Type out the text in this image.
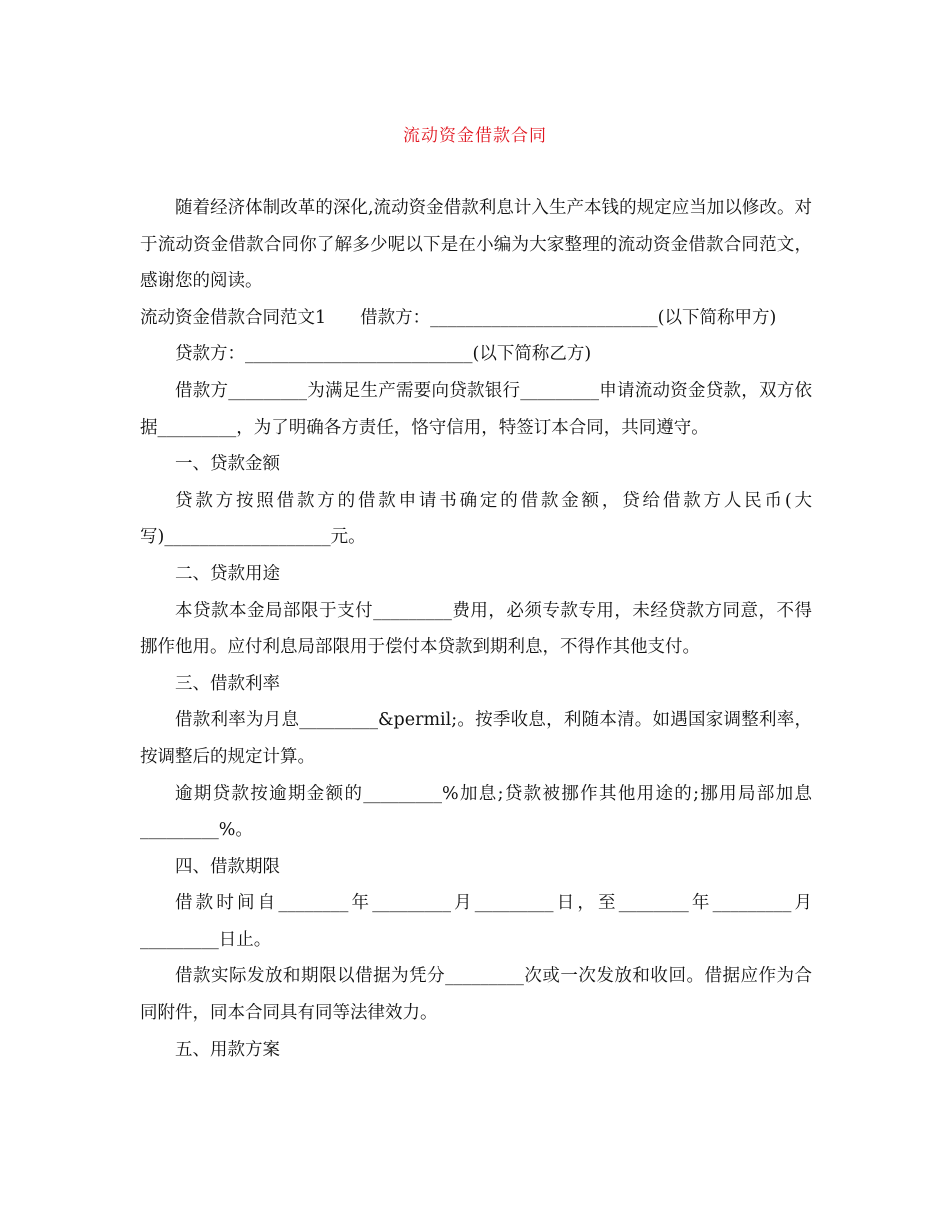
流动资金借款合同

随着经济体制改革的深化,流动资金借款利息计入生产本钱的规定应当加以修改。对于流动资金借款合同你了解多少呢以下是在小编为大家整理的流动资金借款合同范文，感谢您的阅读。

流动资金借款合同范文1 借款方：__________________________(以下简称甲方)

贷款方：__________________________(以下简称乙方)

借款方_________为满足生产需要向贷款银行_________申请流动资金贷款，双方依据_________，为了明确各方责任，恪守信用，特签订本合同，共同遵守。

一、贷款金额

贷款方按照借款方的借款申请书确定的借款金额，贷给借款方人民币(大写)___________________元。

二、贷款用途

本贷款本金局部限于支付_________费用，必须专款专用，未经贷款方同意，不得挪作他用。应付利息局部限用于偿付本贷款到期利息，不得作其他支付。

三、借款利率

借款利率为月息_________&permil;。按季收息，利随本清。如遇国家调整利率，按调整后的规定计算。

逾期贷款按逾期金额的_________%加息;贷款被挪作其他用途的;挪用局部加息_________%。

四、借款期限

借款时间自________年_________月_________日，至________年_________月_________日止。

借款实际发放和期限以借据为凭分_________次或一次发放和收回。借据应作为合同附件，同本合同具有同等法律效力。

五、用款方案
